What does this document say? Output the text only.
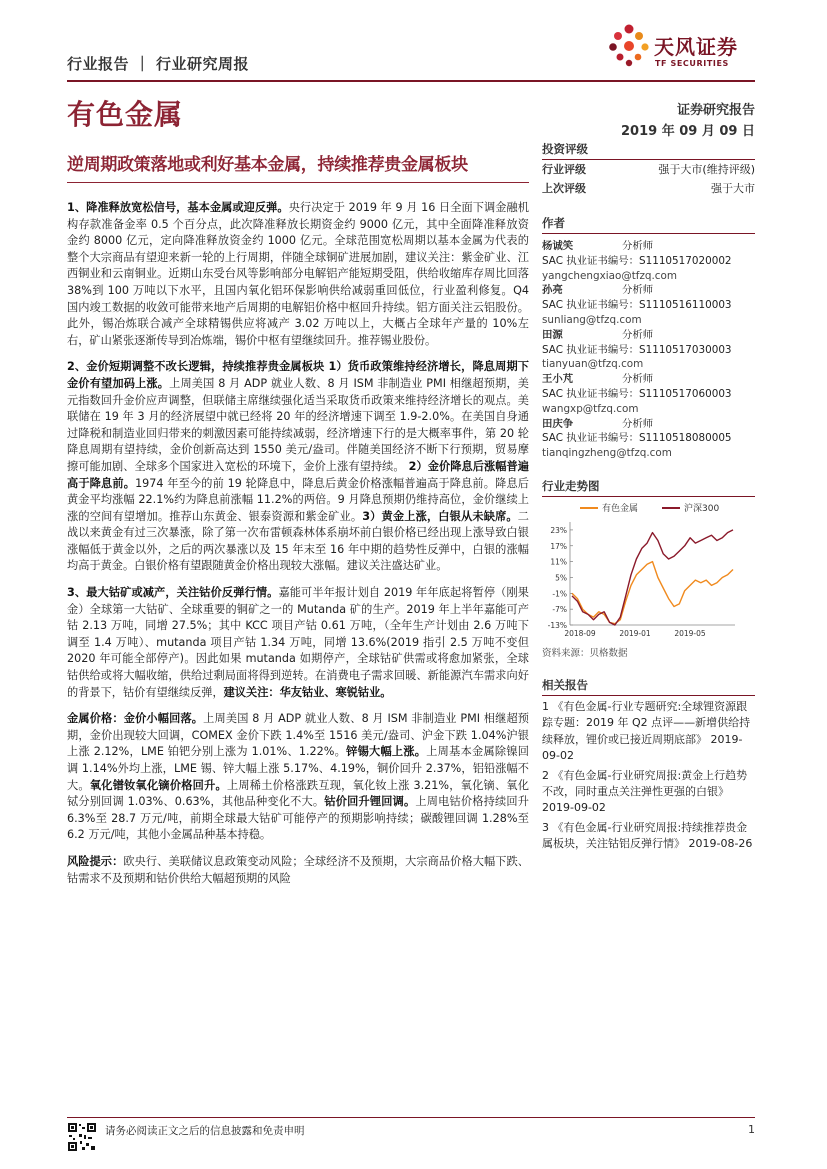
行业报告 ｜ 行业研究周报
天风证券
TF SECURITIES
有色金属	证券研究报告
2019 年 09 月 09 日
逆周期政策落地或利好基本金属，持续推荐贵金属板块

1、降准释放宽松信号，基本金属或迎反弹。央行决定于 2019 年 9 月 16 日全面下调金融机构存款准备金率 0.5 个百分点，此次降准释放长期资金约 9000 亿元，其中全面降准释放资金约 8000 亿元，定向降准释放资金约 1000 亿元。全球范围宽松周期以基本金属为代表的整个大宗商品有望迎来新一轮的上行周期，伴随全球铜矿进展加剧，建议关注：紫金矿业、江西铜业和云南铜业。近期山东受台风等影响部分电解铝产能短期受阻，供给收缩库存周比回落 38%到 100 万吨以下水平，且国内氧化铝环保影响供给减弱重回低位，行业盈利修复。Q4 国内竣工数据的收敛可能带来地产后周期的电解铝价格中枢回升持续。铝方面关注云铝股份。此外，锡冶炼联合减产全球精锡供应将减产 3.02 万吨以上，大概占全球年产量的 10%左右，矿山紧张逐渐传导到冶炼端，锡价中枢有望继续回升。推荐锡业股份。

2、金价短期调整不改长逻辑，持续推荐贵金属板块 1）货币政策维持经济增长，降息周期下金价有望加码上涨。上周美国 8 月 ADP 就业人数、8 月 ISM 非制造业 PMI 相继超预期，美元指数回升金价应声调整，但联储主席继续强化适当采取货币政策来维持经济增长的观点。美联储在 19 年 3 月的经济展望中就已经将 20 年的经济增速下调至 1.9-2.0%。在美国自身通过降税和制造业回归带来的刺激因素可能持续减弱，经济增速下行的是大概率事件，第 20 轮降息周期有望持续，金价创新高达到 1550 美元/盎司。伴随美国经济不断下行预期，贸易摩擦可能加剧、全球多个国家进入宽松的环境下，金价上涨有望持续。 2）金价降息后涨幅普遍高于降息前。1974 年至今的前 19 轮降息中，降息后黄金价格涨幅普遍高于降息前。降息后黄金平均涨幅 22.1%约为降息前涨幅 11.2%的两倍。9 月降息预期仍维持高位，金价继续上涨的空间有望增加。推荐山东黄金、银泰资源和紫金矿业。3）黄金上涨，白银从未缺席。二战以来黄金有过三次暴涨，除了第一次布雷顿森林体系崩坏前白银价格已经出现上涨导致白银涨幅低于黄金以外，之后的两次暴涨以及 15 年末至 16 年中期的趋势性反弹中，白银的涨幅均高于黄金。白银价格有望跟随黄金价格出现较大涨幅。建议关注盛达矿业。

3、最大钴矿或减产，关注钴价反弹行情。嘉能可半年报计划自 2019 年年底起将暂停（刚果金）全球第一大钴矿、全球重要的铜矿之一的 Mutanda 矿的生产。2019 年上半年嘉能可产钴 2.13 万吨，同增 27.5%；其中 KCC 项目产钴 0.61 万吨，（全年生产计划由 2.6 万吨下调至 1.4 万吨）、mutanda 项目产钴 1.34 万吨，同增 13.6%(2019 指引 2.5 万吨不变但 2020 年可能全部停产)。因此如果 mutanda 如期停产，全球钴矿供需或将愈加紧张，全球钴供给或将大幅收缩，供给过剩局面将得到逆转。在消费电子需求回暖、新能源汽车需求向好的背景下，钴价有望继续反弹，建议关注：华友钴业、寒锐钴业。

金属价格：金价小幅回落。上周美国 8 月 ADP 就业人数、8 月 ISM 非制造业 PMI 相继超预期，金价出现较大回调，COMEX 金价下跌 1.4%至 1516 美元/盎司、沪金下跌 1.04%沪银上涨 2.12%，LME 铂钯分别上涨为 1.01%、1.22%。锌锡大幅上涨。上周基本金属除镍回调 1.14%外均上涨，LME 锡、锌大幅上涨 5.17%、4.19%，铜价回升 2.37%，铝铅涨幅不大。氧化镨钕氧化镝价格回升。上周稀土价格涨跌互现，氧化钕上涨 3.21%，氧化镝、氧化铽分别回调 1.03%、0.63%，其他品种变化不大。钴价回升锂回调。上周电钴价格持续回升 6.3%至 28.7 万元/吨，前期全球最大钴矿可能停产的预期影响持续；碳酸锂回调 1.28%至 6.2 万元/吨，其他小金属品种基本持稳。

风险提示：欧央行、美联储议息政策变动风险；全球经济不及预期，大宗商品价格大幅下跌、钴需求不及预期和钴价供给大幅超预期的风险

投资评级
行业评级	强于大市(维持评级)
上次评级	强于大市
作者
杨诚笑	分析师
SAC 执业证书编号：S1110517020002
yangchengxiao@tfzq.com
孙亮	分析师
SAC 执业证书编号：S1110516110003
sunliang@tfzq.com
田源	分析师
SAC 执业证书编号：S1110517030003
tianyuan@tfzq.com
王小芃	分析师
SAC 执业证书编号：S1110517060003
wangxp@tfzq.com
田庆争	分析师
SAC 执业证书编号：S1110518080005
tianqingzheng@tfzq.com
行业走势图
有色金属	沪深300
23%
17%
11%
5%
-1%
-7%
-13%
2018-09	2019-01	2019-05
资料来源：贝格数据
相关报告
1 《有色金属-行业专题研究:全球锂资源跟踪专题：2019 年 Q2 点评——新增供给持续释放，锂价或已接近周期底部》 2019-09-02
2 《有色金属-行业研究周报:黄金上行趋势不改，同时重点关注弹性更强的白银》 2019-09-02
3 《有色金属-行业研究周报:持续推荐贵金属板块，关注钴铝反弹行情》 2019-08-26
请务必阅读正文之后的信息披露和免责申明	1
